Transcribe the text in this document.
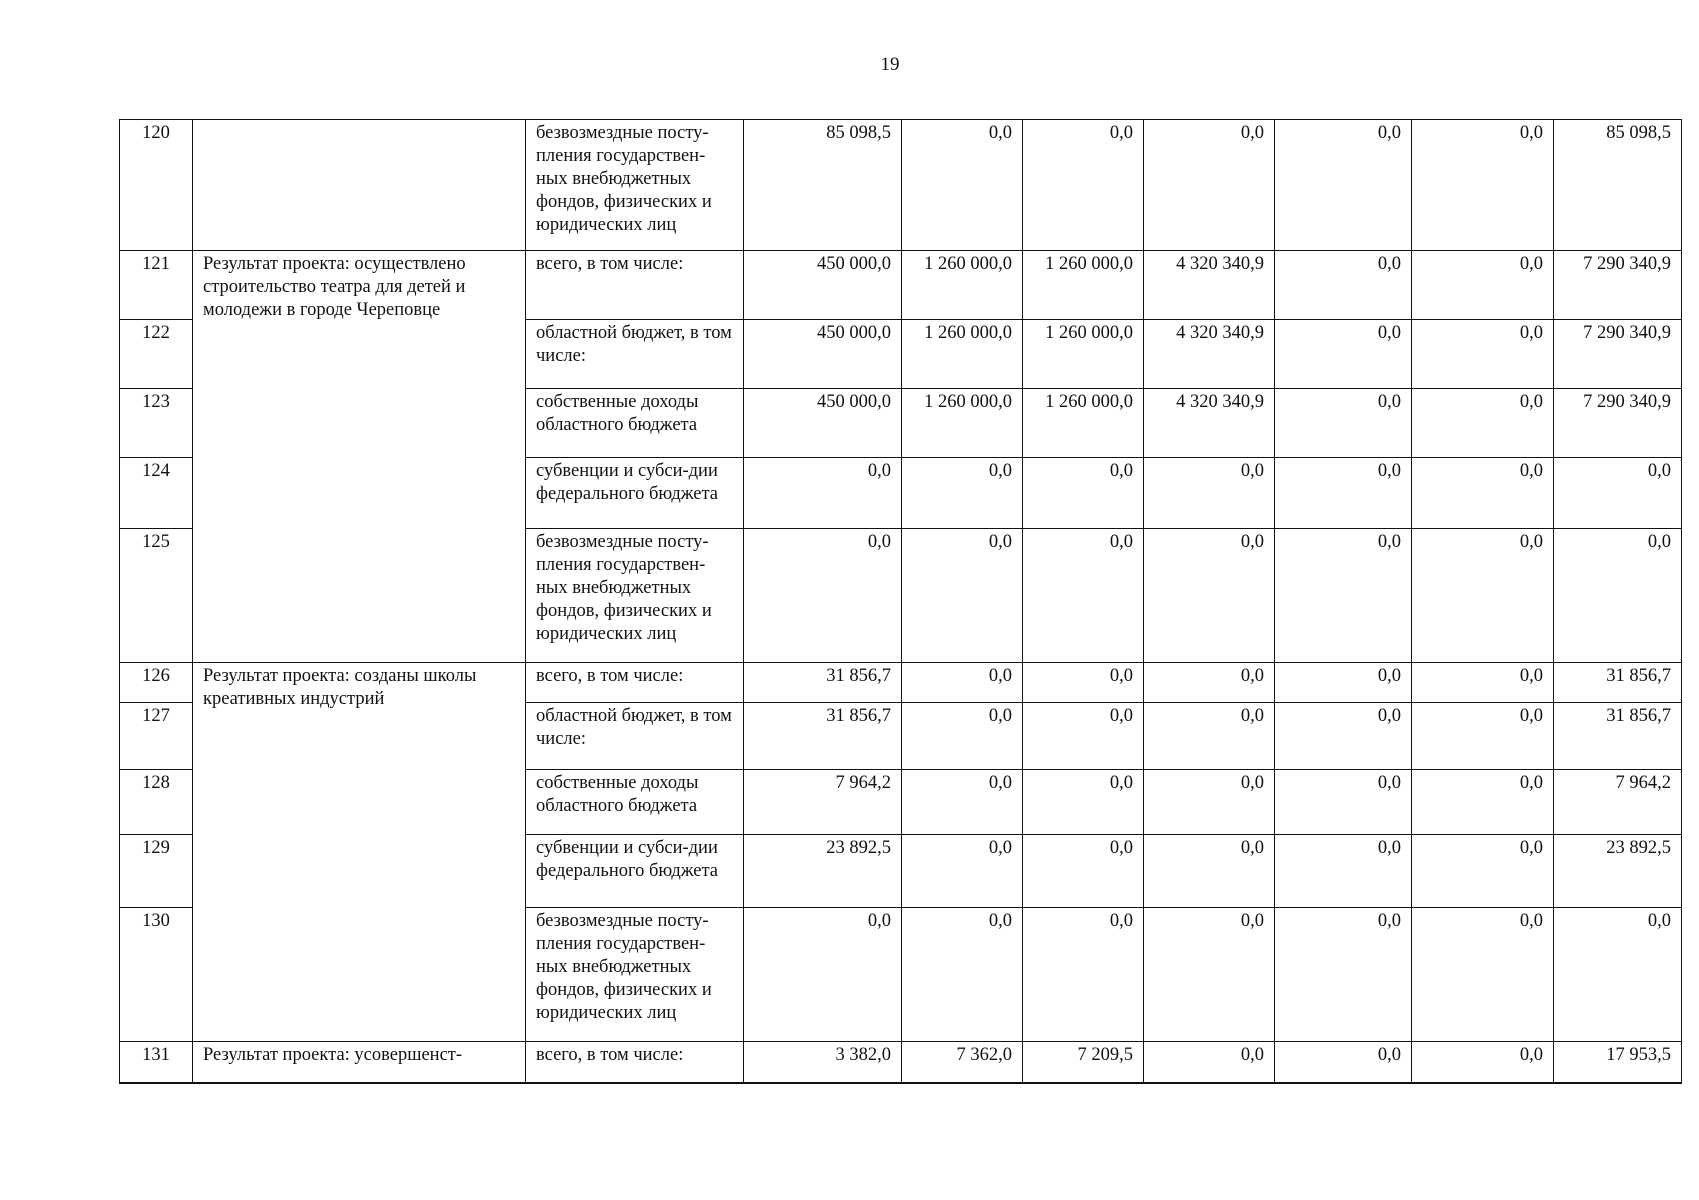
19
120		безвозмездные посту-пления государствен-ных внебюджетных фондов, физических и юридических лиц	85 098,5	0,0	0,0	0,0	0,0	0,0	85 098,5
121	Результат проекта: осуществлено строительство театра для детей и молодежи в городе Череповце	всего, в том числе:	450 000,0	1 260 000,0	1 260 000,0	4 320 340,9	0,0	0,0	7 290 340,9
122		областной бюджет, в том числе:	450 000,0	1 260 000,0	1 260 000,0	4 320 340,9	0,0	0,0	7 290 340,9
123		собственные доходы областного бюджета	450 000,0	1 260 000,0	1 260 000,0	4 320 340,9	0,0	0,0	7 290 340,9
124		субвенции и субси-дии федерального бюджета	0,0	0,0	0,0	0,0	0,0	0,0	0,0
125		безвозмездные посту-пления государствен-ных внебюджетных фондов, физических и юридических лиц	0,0	0,0	0,0	0,0	0,0	0,0	0,0
126	Результат проекта: созданы школы креативных индустрий	всего, в том числе:	31 856,7	0,0	0,0	0,0	0,0	0,0	31 856,7
127		областной бюджет, в том числе:	31 856,7	0,0	0,0	0,0	0,0	0,0	31 856,7
128		собственные доходы областного бюджета	7 964,2	0,0	0,0	0,0	0,0	0,0	7 964,2
129		субвенции и субси-дии федерального бюджета	23 892,5	0,0	0,0	0,0	0,0	0,0	23 892,5
130		безвозмездные посту-пления государствен-ных внебюджетных фондов, физических и юридических лиц	0,0	0,0	0,0	0,0	0,0	0,0	0,0
131	Результат проекта: усовершенст-	всего, в том числе:	3 382,0	7 362,0	7 209,5	0,0	0,0	0,0	17 953,5
